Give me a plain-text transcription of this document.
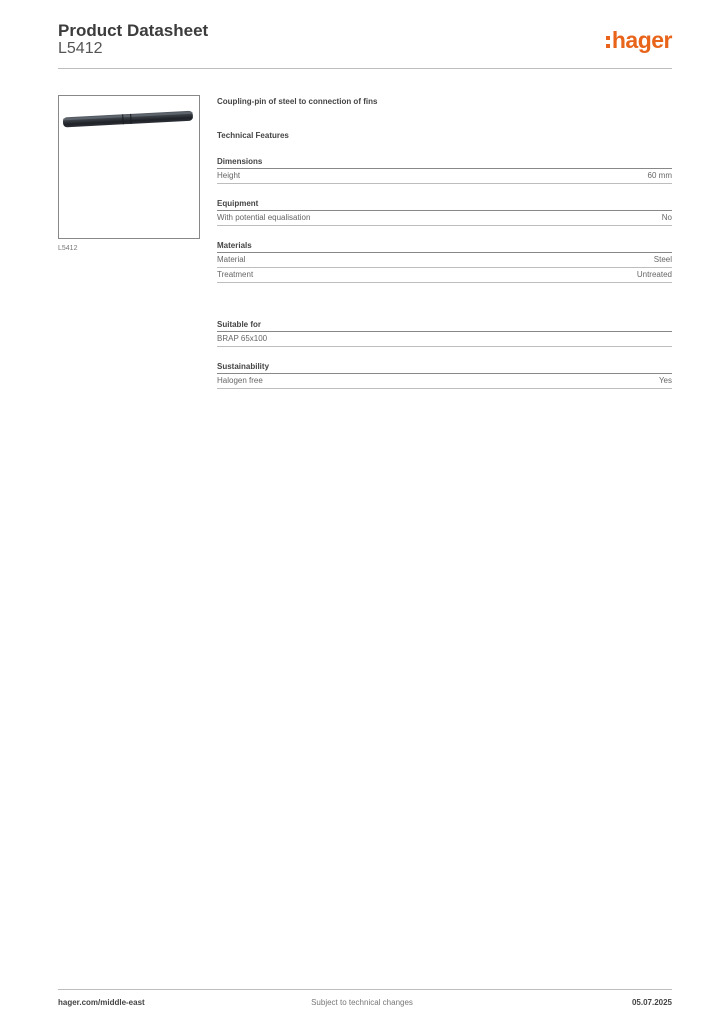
Product Datasheet
L5412	hager
L5412
Coupling-pin of steel to connection of fins
Technical Features
Dimensions
Height	60 mm
Equipment
With potential equalisation	No
Materials
Material	Steel
Treatment	Untreated
Suitable for
BRAP 65x100
Sustainability
Halogen free	Yes
hager.com/middle-east	Subject to technical changes	05.07.2025
